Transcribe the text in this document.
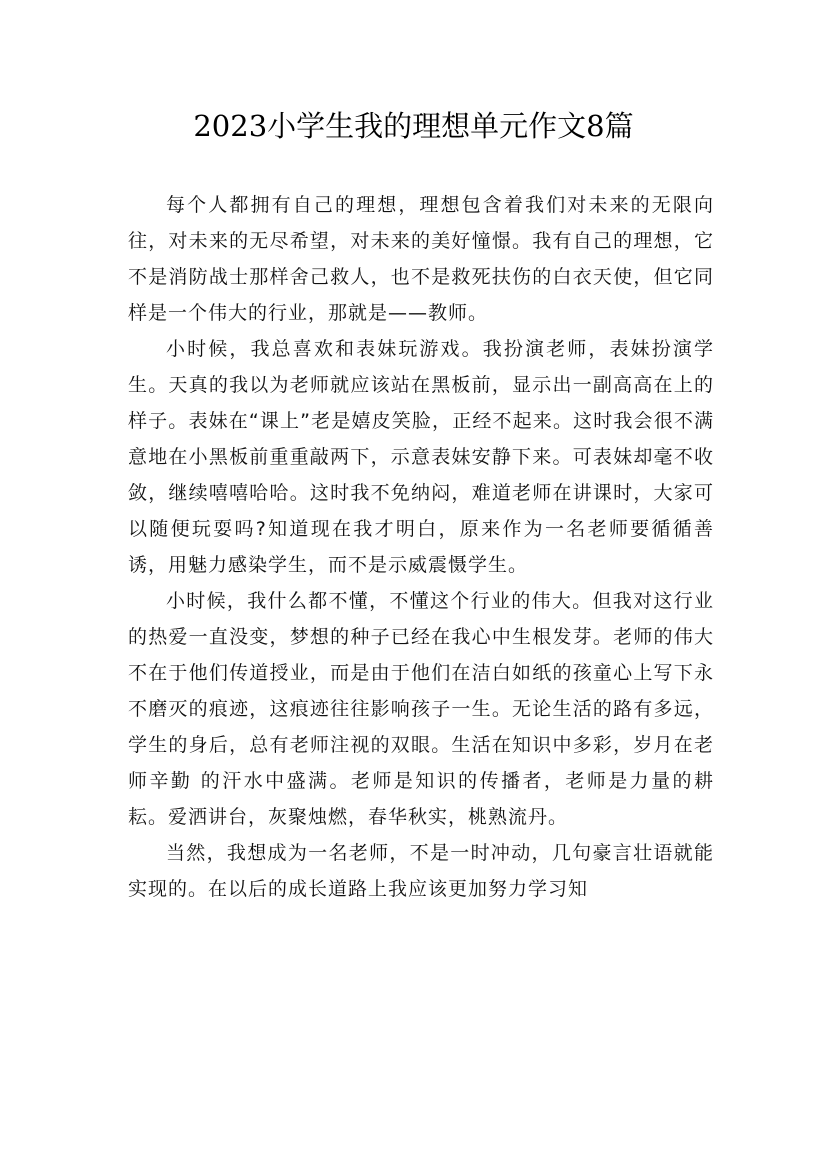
2023小学生我的理想单元作文8篇

每个人都拥有自己的理想，理想包含着我们对未来的无限向往，对未来的无尽希望，对未来的美好憧憬。我有自己的理想，它不是消防战士那样舍己救人，也不是救死扶伤的白衣天使，但它同样是一个伟大的行业，那就是——教师。

小时候，我总喜欢和表妹玩游戏。我扮演老师，表妹扮演学生。天真的我以为老师就应该站在黑板前，显示出一副高高在上的样子。表妹在“课上”老是嬉皮笑脸，正经不起来。这时我会很不满意地在小黑板前重重敲两下，示意表妹安静下来。可表妹却毫不收敛，继续嘻嘻哈哈。这时我不免纳闷，难道老师在讲课时，大家可以随便玩耍吗?知道现在我才明白，原来作为一名老师要循循善诱，用魅力感染学生，而不是示威震慑学生。

小时候，我什么都不懂，不懂这个行业的伟大。但我对这行业的热爱一直没变，梦想的种子已经在我心中生根发芽。老师的伟大不在于他们传道授业，而是由于他们在洁白如纸的孩童心上写下永不磨灭的痕迹，这痕迹往往影响孩子一生。无论生活的路有多远，学生的身后，总有老师注视的双眼。生活在知识中多彩，岁月在老师辛勤 的汗水中盛满。老师是知识的传播者，老师是力量的耕耘。爱洒讲台，灰聚烛燃，春华秋实，桃熟流丹。

当然，我想成为一名老师，不是一时冲动，几句豪言壮语就能实现的。在以后的成长道路上我应该更加努力学习知
